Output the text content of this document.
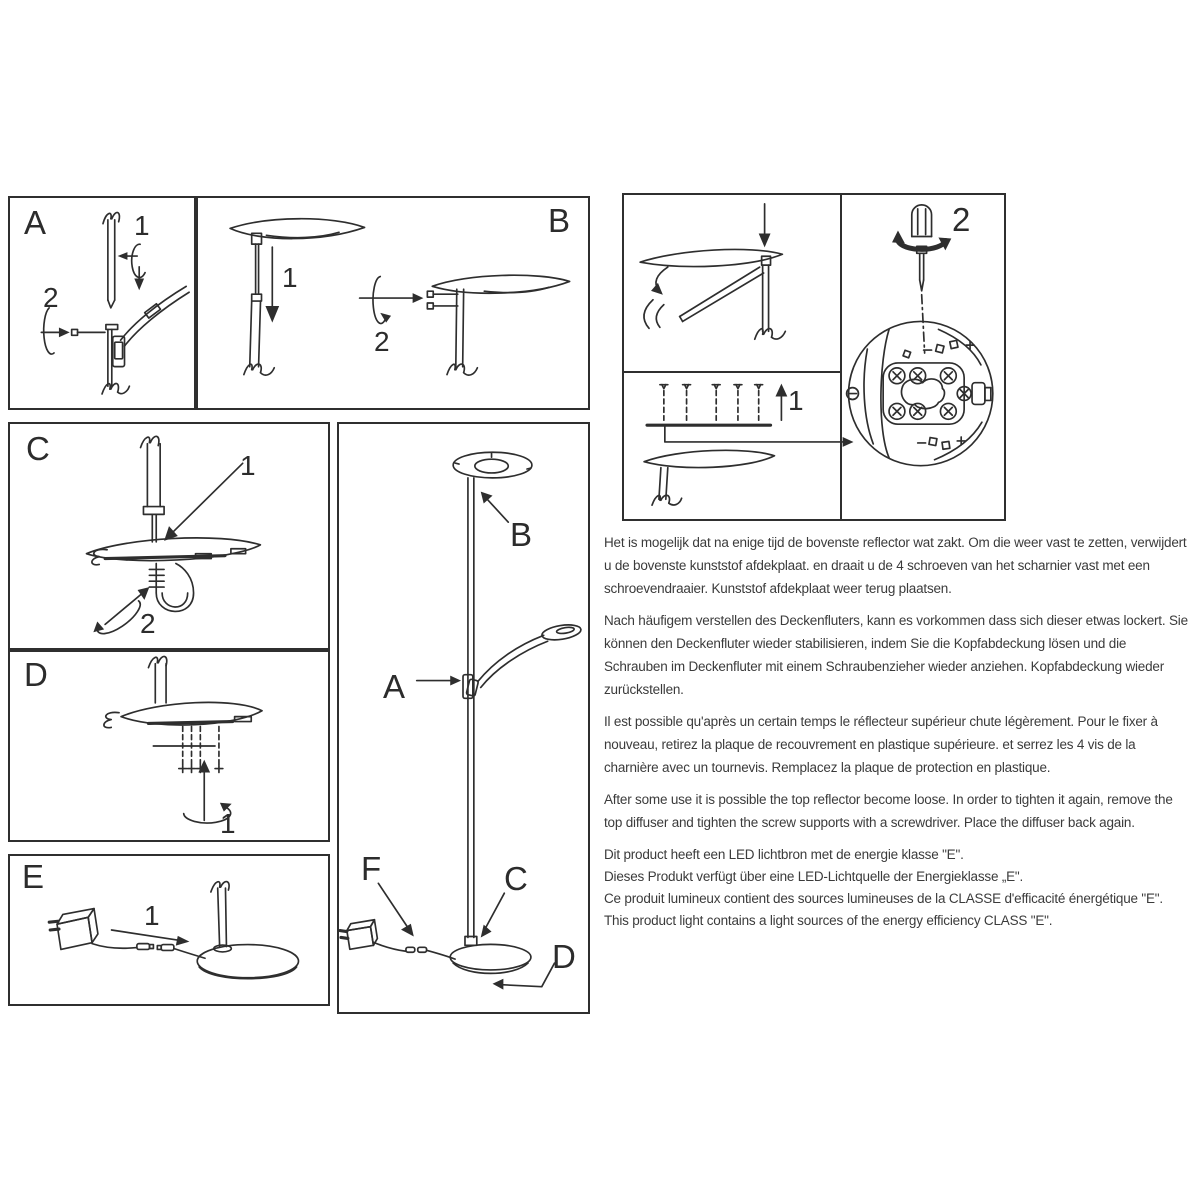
A	1
2
B
1
2
C	1
2
D
1
E
1
B
A
F	C
D
1
2

Het is mogelijk dat na enige tijd de bovenste reflector wat zakt. Om die weer vast te zetten, verwijdert u de bovenste kunststof afdekplaat. en draait u de 4 schroeven van het scharnier vast met een schroevendraaier. Kunststof afdekplaat weer terug plaatsen.

Nach häufigem verstellen des Deckenfluters, kann es vorkommen dass sich dieser etwas lockert. Sie können den Deckenfluter wieder stabilisieren, indem Sie die Kopfabdeckung lösen und die Schrauben im Deckenfluter mit einem Schraubenzieher wieder anziehen. Kopfabdeckung wieder zurückstellen.

Il est possible qu'après un certain temps le réflecteur supérieur chute légèrement. Pour le fixer à nouveau, retirez la plaque de recouvrement en plastique supérieure. et serrez les 4 vis de la charnière avec un tournevis. Remplacez la plaque de protection en plastique.

After some use it is possible the top reflector become loose. In order to tighten it again, remove the top diffuser and tighten the screw supports with a screwdriver. Place the diffuser back again.

Dit product heeft een LED lichtbron met de energie klasse "E".
Dieses Produkt verfügt über eine LED-Lichtquelle der Energieklasse „E".
Ce produit lumineux contient des sources lumineuses de la CLASSE d'efficacité énergétique "E".
This product light contains a light sources of the energy efficiency CLASS "E".
